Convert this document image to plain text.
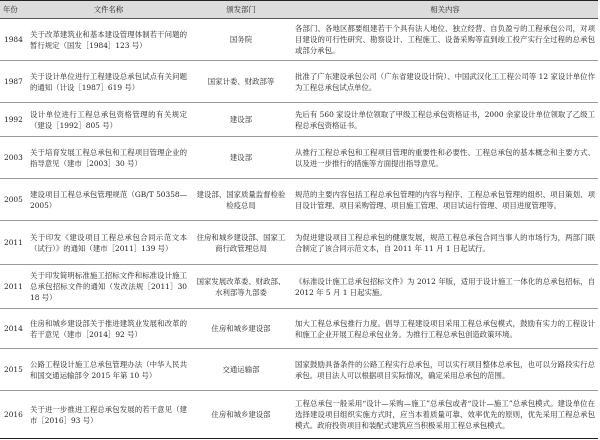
年份	文件名称	颁发部门	相关内容
1984	关于改革建筑业和基本建设管理体制若干问题的暂行规定（国发［1984］123 号）	国务院	各部门、各地区都要组建若干个具有法人地位、独立经营、自负盈亏的工程承包公司，对项目建设的可行性研究、勘察设计、工程施工、设备采购等直到竣工投产实行全过程的总承包或部分承包。
1987	关于设计单位进行工程建设总承包试点有关问题的通知（计设［1987］619 号）	国家计委、财政部等	批准了广东建设承包公司（广东省建设设计院）、中国武汉化工工程公司等 12 家设计单位作为工程总承包试点单位。
1992	设计单位进行工程总承包资格管理的有关规定（建设［1992］805 号）	建设部	先后有 560 家设计单位领取了甲级工程总承包资格证书，2000 余家设计单位领取了乙级工程总承包资格证书。
2003	关于培育发展工程总承包和工程项目管理企业的指导意见（建市［2003］30 号）	建设部	从推行工程总承包和工程项目管理的重要性和必要性、工程总承包的基本概念和主要方式、以及进一步推行的措施等方面提出指导意见。
2005	建设项目工程总承包管理规范（GB/T 50358—2005）	建设部、国家质量监督检验检疫总局	规范的主要内容包括工程总承包管理的内容与程序、工程总承包管理的组织、项目策划、项目设计管理、项目采购管理、项目施工管理、项目试运行管理、项目进度管理等。
2011	关于印发《建设项目工程总承包合同示范文本（试行）》的通知（建市［2011］139 号）	住房和城乡建设部、国家工商行政管理总局	为促进建设项目工程总承包的健康发展，规范工程总承包合同当事人的市场行为，两部门联合制定了该合同示范文本，自 2011 年 11 月 1 日起试行。
2011	关于印发简明标准施工招标文件和标准设计施工总承包招标文件的通知（发改法规［2011］3018 号）	国家发展改革委、财政部、水利部等九部委	《标准设计施工总承包招标文件》为 2012 年版，适用于设计施工一体化的总承包招标，自 2012 年 5 月 1 日起实施。
2014	住房和城乡建设部关于推进建筑业发展和改革的若干意见（建市［2014］92 号）	住房和城乡建设部	加大工程总承包推行力度。倡导工程建设项目采用工程总承包模式，鼓励有实力的工程设计和施工企业开展工程总承包业务。为推行工程总承包创造政策环境。
2015	公路工程设计施工总承包管理办法（中华人民共和国交通运输部令 2015 年第 10 号）	交通运输部	国家鼓励具备条件的公路工程实行总承包，可以实行项目整体总承包，也可以分路段实行总承包。项目法人可以根据项目实际情况，确定采用总承包的范围。
2016	关于进一步推进工程总承包发展的若干意见（建市［2016］93 号）	住房和城乡建设部	工程总承包一般采用“设计—采购—施工”总承包或者“设计—施工”总承包模式。建设单位在选择建设项目组织实施方式时，应当本着质量可靠、效率优先的原则，优先采用工程总承包模式。政府投资项目和装配式建筑应当积极采用工程总承包模式。
